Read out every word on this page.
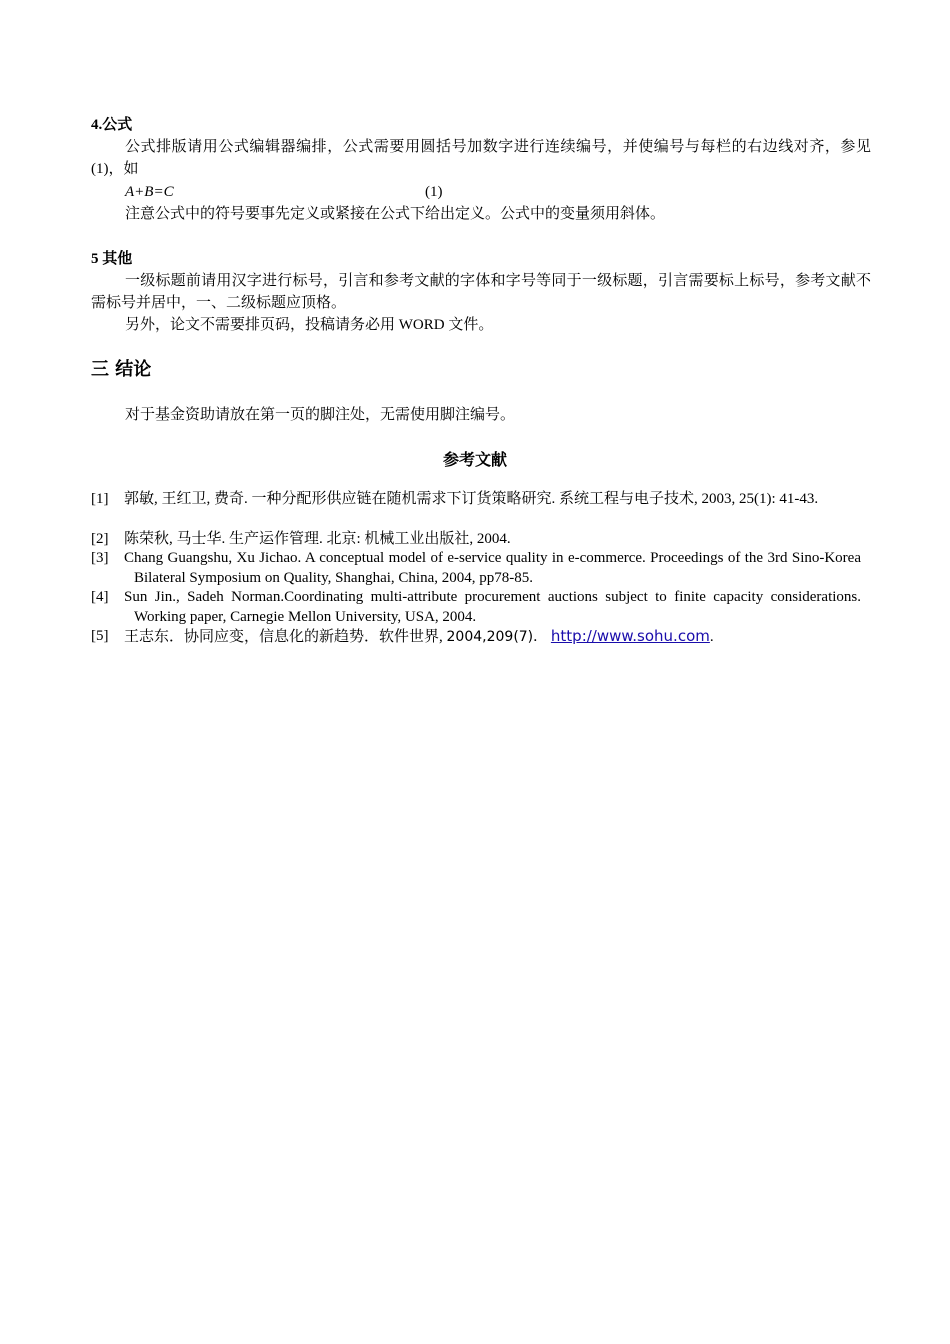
4.公式
公式排版请用公式编辑器编排，公式需要用圆括号加数字进行连续编号，并使编号与每栏的右边线对齐，参见(1)，如
A+B=C	(1)
注意公式中的符号要事先定义或紧接在公式下给出定义。公式中的变量须用斜体。
5 其他
一级标题前请用汉字进行标号，引言和参考文献的字体和字号等同于一级标题，引言需要标上标号，参考文献不需标号并居中，一、二级标题应顶格。
另外，论文不需要排页码，投稿请务必用 WORD 文件。
三 结论
对于基金资助请放在第一页的脚注处，无需使用脚注编号。
参考文献
[1]	郭敏, 王红卫, 费奇. 一种分配形供应链在随机需求下订货策略研究. 系统工程与电子技术, 2003, 25(1): 41-43.
[2]	陈荣秋, 马士华. 生产运作管理. 北京: 机械工业出版社, 2004.
[3]	Chang Guangshu, Xu Jichao. A conceptual model of e-service quality in e-commerce. Proceedings of the 3rd Sino-Korea Bilateral Symposium on Quality, Shanghai, China, 2004, pp78-85.
[4]	Sun Jin., Sadeh Norman.Coordinating multi-attribute procurement auctions subject to finite capacity considerations. Working paper, Carnegie Mellon University, USA, 2004.
[5]	王志东．协同应变，信息化的新趋势．软件世界, 2004,209(7)． http://www.sohu.com.
